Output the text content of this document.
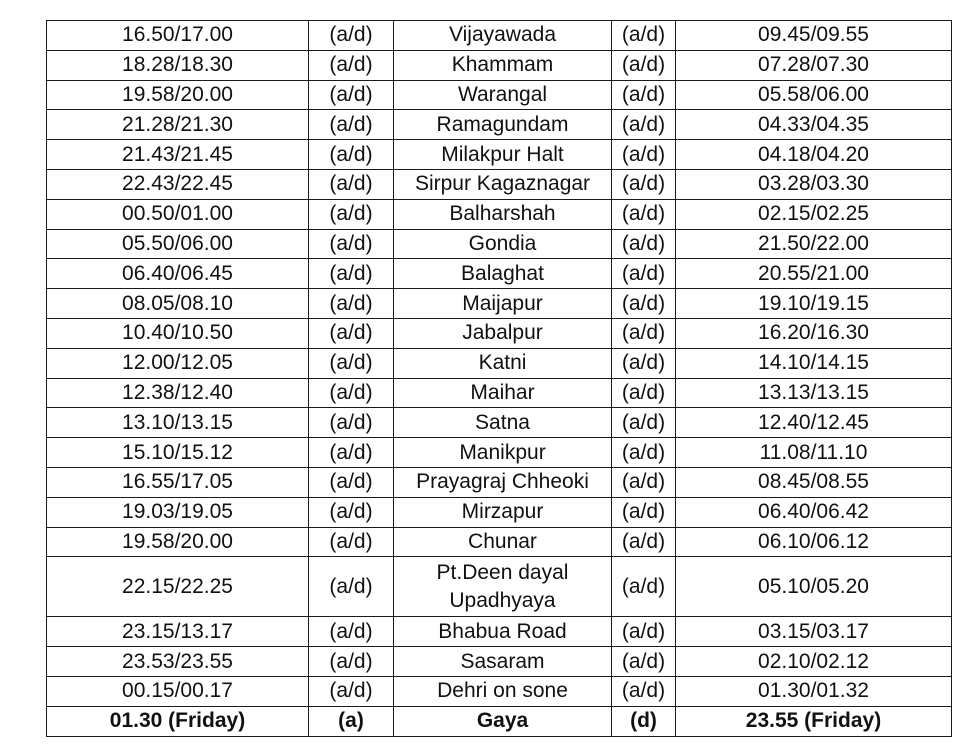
16.50/17.00	(a/d)	Vijayawada	(a/d)	09.45/09.55
18.28/18.30	(a/d)	Khammam	(a/d)	07.28/07.30
19.58/20.00	(a/d)	Warangal	(a/d)	05.58/06.00
21.28/21.30	(a/d)	Ramagundam	(a/d)	04.33/04.35
21.43/21.45	(a/d)	Milakpur Halt	(a/d)	04.18/04.20
22.43/22.45	(a/d)	Sirpur Kagaznagar	(a/d)	03.28/03.30
00.50/01.00	(a/d)	Balharshah	(a/d)	02.15/02.25
05.50/06.00	(a/d)	Gondia	(a/d)	21.50/22.00
06.40/06.45	(a/d)	Balaghat	(a/d)	20.55/21.00
08.05/08.10	(a/d)	Maijapur	(a/d)	19.10/19.15
10.40/10.50	(a/d)	Jabalpur	(a/d)	16.20/16.30
12.00/12.05	(a/d)	Katni	(a/d)	14.10/14.15
12.38/12.40	(a/d)	Maihar	(a/d)	13.13/13.15
13.10/13.15	(a/d)	Satna	(a/d)	12.40/12.45
15.10/15.12	(a/d)	Manikpur	(a/d)	11.08/11.10
16.55/17.05	(a/d)	Prayagraj Chheoki	(a/d)	08.45/08.55
19.03/19.05	(a/d)	Mirzapur	(a/d)	06.40/06.42
19.58/20.00	(a/d)	Chunar	(a/d)	06.10/06.12
22.15/22.25	(a/d)	Pt.Deen dayal Upadhyaya	(a/d)	05.10/05.20
23.15/13.17	(a/d)	Bhabua Road	(a/d)	03.15/03.17
23.53/23.55	(a/d)	Sasaram	(a/d)	02.10/02.12
00.15/00.17	(a/d)	Dehri on sone	(a/d)	01.30/01.32
01.30 (Friday)	(a)	Gaya	(d)	23.55 (Friday)
